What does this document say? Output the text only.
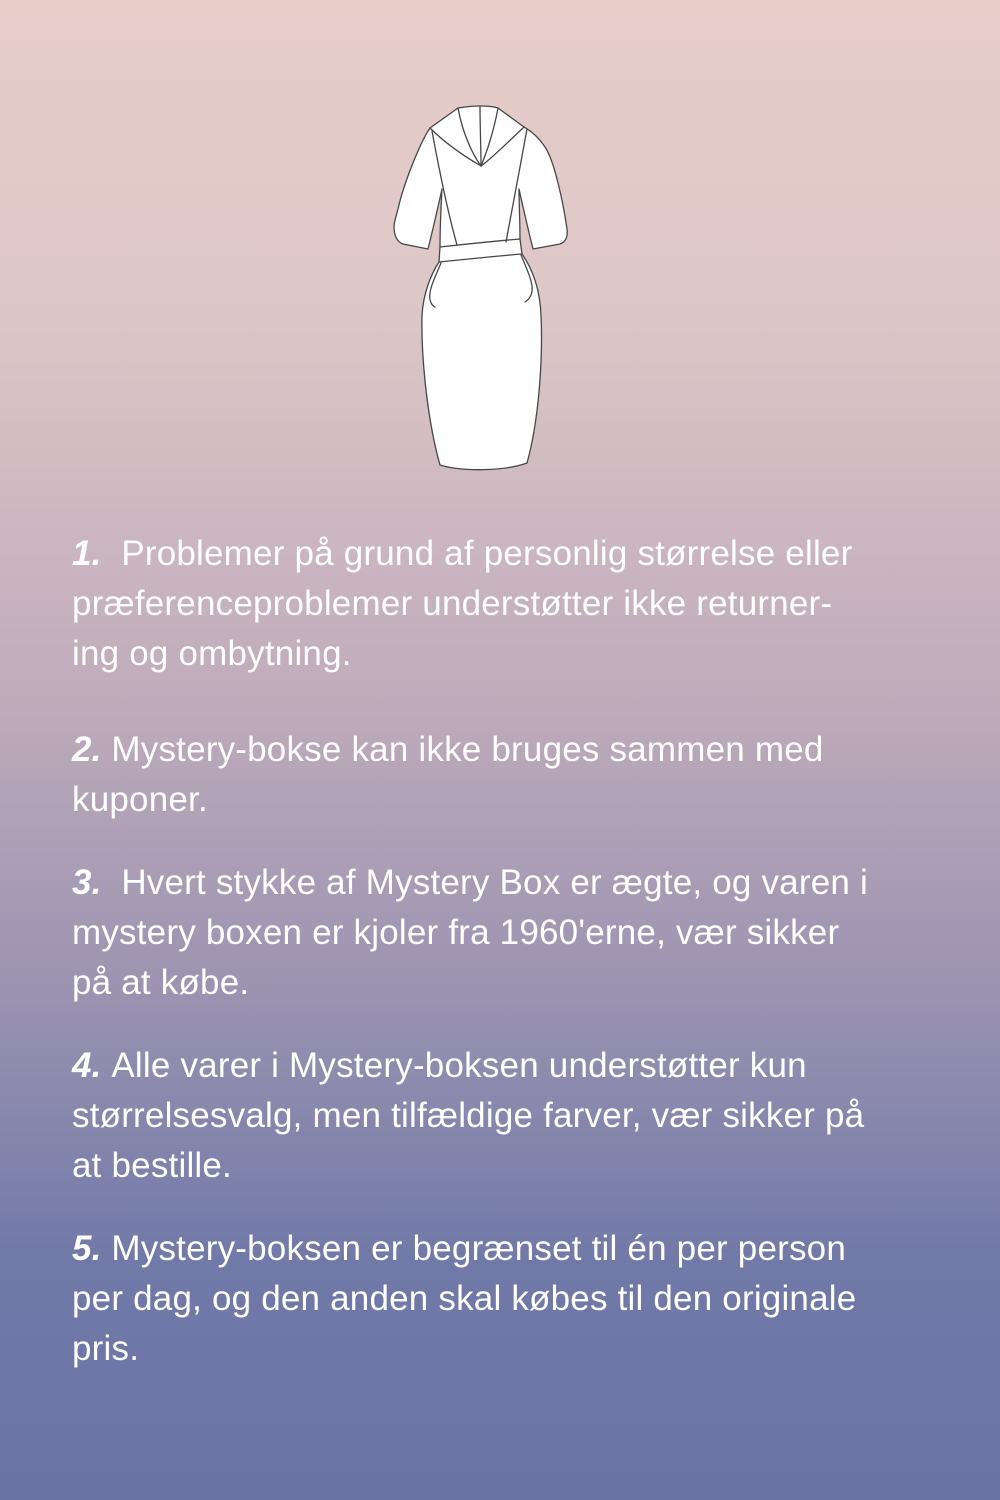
1. Problemer på grund af personlig størrelse eller
præferenceproblemer understøtter ikke returner-
ing og ombytning.

2. Mystery-bokse kan ikke bruges sammen med
kuponer.

3. Hvert stykke af Mystery Box er ægte, og varen i
mystery boxen er kjoler fra 1960'erne, vær sikker
på at købe.

4. Alle varer i Mystery-boksen understøtter kun
størrelsesvalg, men tilfældige farver, vær sikker på
at bestille.

5. Mystery-boksen er begrænset til én per person
per dag, og den anden skal købes til den originale
pris.
